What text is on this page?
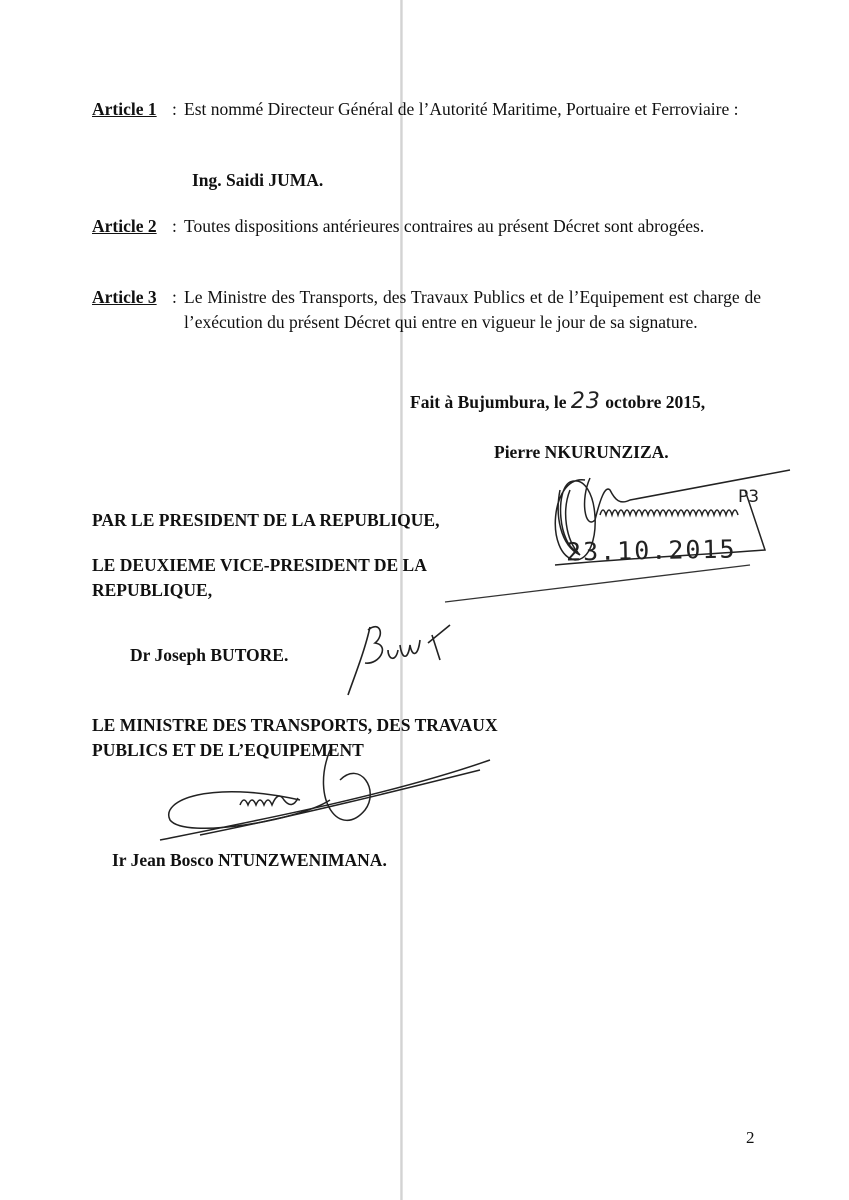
Article 1 : Est nommé Directeur Général de l’Autorité Maritime, Portuaire et Ferroviaire :
Ing. Saidi JUMA.
Article 2 : Toutes dispositions antérieures contraires au présent Décret sont abrogées.
Article 3 : Le Ministre des Transports, des Travaux Publics et de l’Equipement est charge de l’exécution du présent Décret qui entre en vigueur le jour de sa signature.
Fait à Bujumbura, le 23 octobre 2015,
Pierre NKURUNZIZA.
P3
23.10.2015
PAR LE PRESIDENT DE LA REPUBLIQUE,
LE DEUXIEME VICE-PRESIDENT DE LA
REPUBLIQUE,
Dr Joseph BUTORE.
LE MINISTRE DES TRANSPORTS, DES TRAVAUX
PUBLICS ET DE L’EQUIPEMENT
Ir Jean Bosco NTUNZWENIMANA.
2
